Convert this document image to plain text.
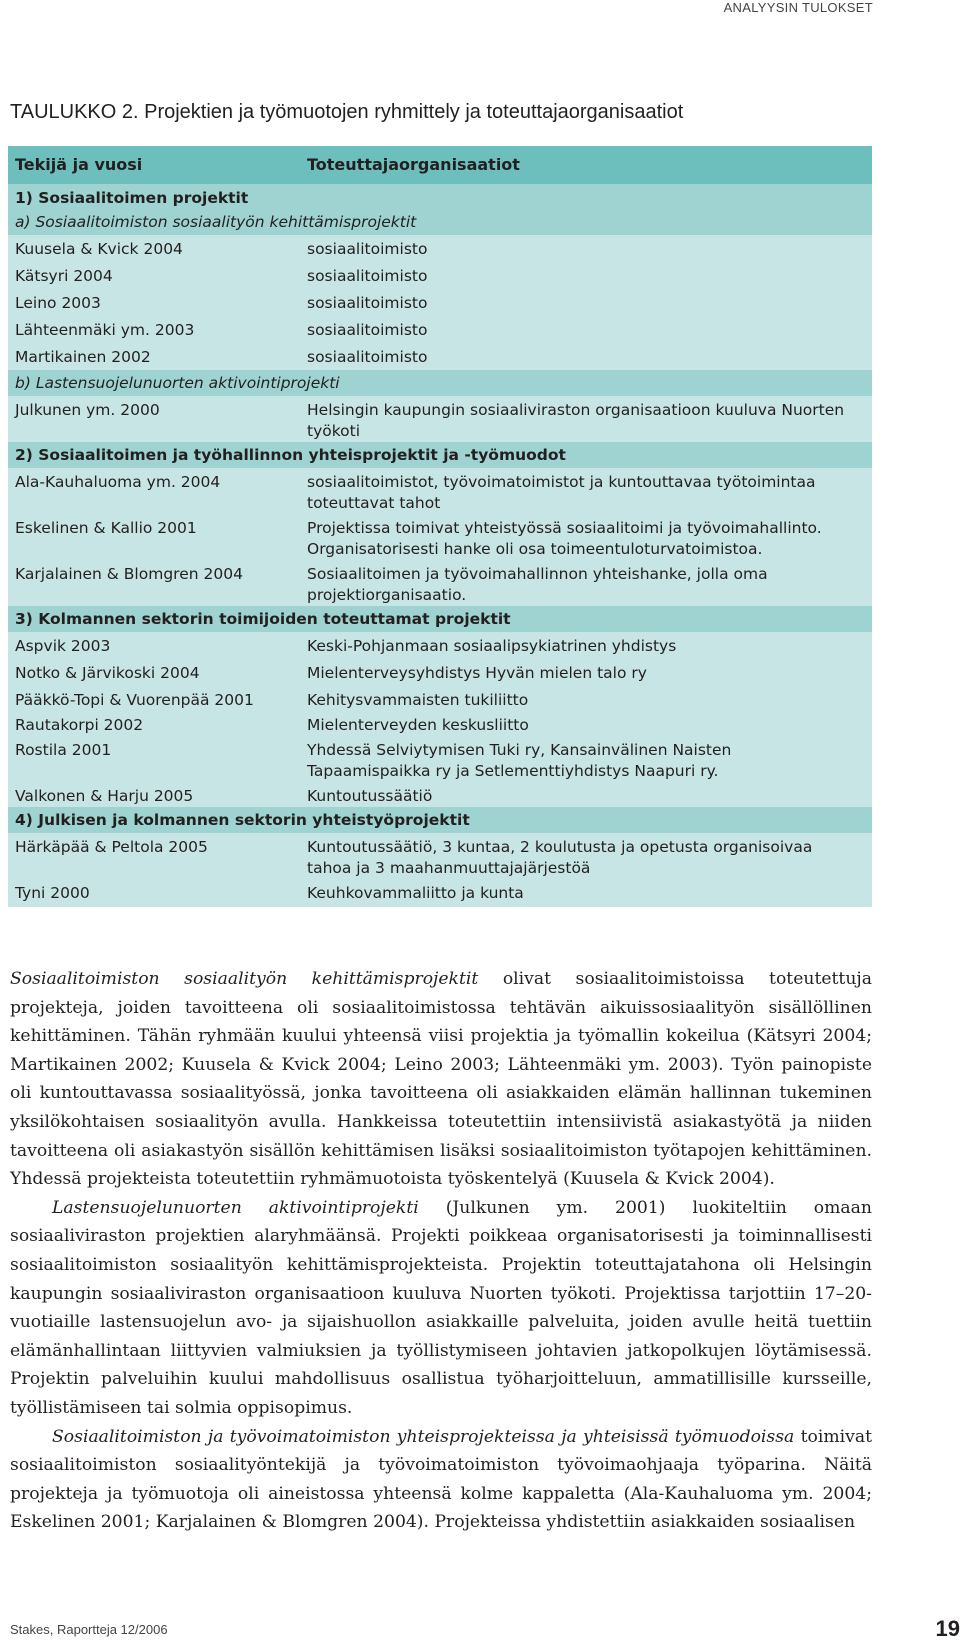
ANALYYSIN TULOKSET
TAULUKKO 2. Projektien ja työmuotojen ryhmittely ja toteuttajaorganisaatiot
Tekijä ja vuosi	Toteuttajaorganisaatiot
1) Sosiaalitoimen projektit
a) Sosiaalitoimiston sosiaalityön kehittämisprojektit
Kuusela & Kvick 2004	sosiaalitoimisto
Kätsyri 2004	sosiaalitoimisto
Leino 2003	sosiaalitoimisto
Lähteenmäki ym. 2003	sosiaalitoimisto
Martikainen 2002	sosiaalitoimisto
b) Lastensuojelunuorten aktivointiprojekti
Julkunen ym. 2000	Helsingin kaupungin sosiaaliviraston organisaatioon kuuluva Nuorten työkoti
2) Sosiaalitoimen ja työhallinnon yhteisprojektit ja -työmuodot
Ala-Kauhaluoma ym. 2004	sosiaalitoimistot, työvoimatoimistot ja kuntouttavaa työtoimintaa toteuttavat tahot
Eskelinen & Kallio 2001	Projektissa toimivat yhteistyössä sosiaalitoimi ja työvoimahallinto. Organisatorisesti hanke oli osa toimeentuloturvatoimistoa.
Karjalainen & Blomgren 2004	Sosiaalitoimen ja työvoimahallinnon yhteishanke, jolla oma projektiorganisaatio.
3) Kolmannen sektorin toimijoiden toteuttamat projektit
Aspvik 2003	Keski-Pohjanmaan sosiaalipsykiatrinen yhdistys
Notko & Järvikoski 2004	Mielenterveysyhdistys Hyvän mielen talo ry
Pääkkö-Topi & Vuorenpää 2001	Kehitysvammaisten tukiliitto
Rautakorpi 2002	Mielenterveyden keskusliitto
Rostila 2001	Yhdessä Selviytymisen Tuki ry, Kansainvälinen Naisten Tapaamispaikka ry ja Setlementtiyhdistys Naapuri ry.
Valkonen & Harju 2005	Kuntoutussäätiö
4) Julkisen ja kolmannen sektorin yhteistyöprojektit
Härkäpää & Peltola 2005	Kuntoutussäätiö, 3 kuntaa, 2 koulutusta ja opetusta organisoivaa tahoa ja 3 maahanmuuttajajärjestöä
Tyni 2000	Keuhkovammaliitto ja kunta

Sosiaalitoimiston sosiaalityön kehittämisprojektit olivat sosiaalitoimistoissa toteutettuja projekteja, joiden tavoitteena oli sosiaalitoimistossa tehtävän aikuissosiaalityön sisällöllinen kehittäminen. Tähän ryhmään kuului yhteensä viisi projektia ja työmallin kokeilua (Kätsyri 2004; Martikainen 2002; Kuusela & Kvick 2004; Leino 2003; Lähteenmäki ym. 2003). Työn painopiste oli kuntouttavassa sosiaalityössä, jonka tavoitteena oli asiakkaiden elämän hallinnan tukeminen yksilökohtaisen sosiaalityön avulla. Hankkeissa toteutettiin intensiivistä asiakastyötä ja niiden tavoitteena oli asiakastyön sisällön kehittämisen lisäksi sosiaalitoimiston työtapojen kehittäminen. Yhdessä projekteista toteutettiin ryhmämuotoista työskentelyä (Kuusela & Kvick 2004).

Lastensuojelunuorten aktivointiprojekti (Julkunen ym. 2001) luokiteltiin omaan sosiaaliviraston projektien alaryhmäänsä. Projekti poikkeaa organisatorisesti ja toiminnallisesti sosiaalitoimiston sosiaalityön kehittämisprojekteista. Projektin toteuttajatahona oli Helsingin kaupungin sosiaaliviraston organisaatioon kuuluva Nuorten työkoti. Projektissa tarjottiin 17–20-vuotiaille lastensuojelun avo- ja sijaishuollon asiakkaille palveluita, joiden avulle heitä tuettiin elämänhallintaan liittyvien valmiuksien ja työllistymiseen johtavien jatkopolkujen löytämisessä. Projektin palveluihin kuului mahdollisuus osallistua työharjoitteluun, ammatillisille kursseille, työllistämiseen tai solmia oppisopimus.

Sosiaalitoimiston ja työvoimatoimiston yhteisprojekteissa ja yhteisissä työmuodoissa toimivat sosiaalitoimiston sosiaalityöntekijä ja työvoimatoimiston työvoimaohjaaja työparina. Näitä projekteja ja työmuotoja oli aineistossa yhteensä kolme kappaletta (Ala-Kauhaluoma ym. 2004; Eskelinen 2001; Karjalainen & Blomgren 2004). Projekteissa yhdistettiin asiakkaiden sosiaalisen

Stakes, Raportteja 12/2006	19
